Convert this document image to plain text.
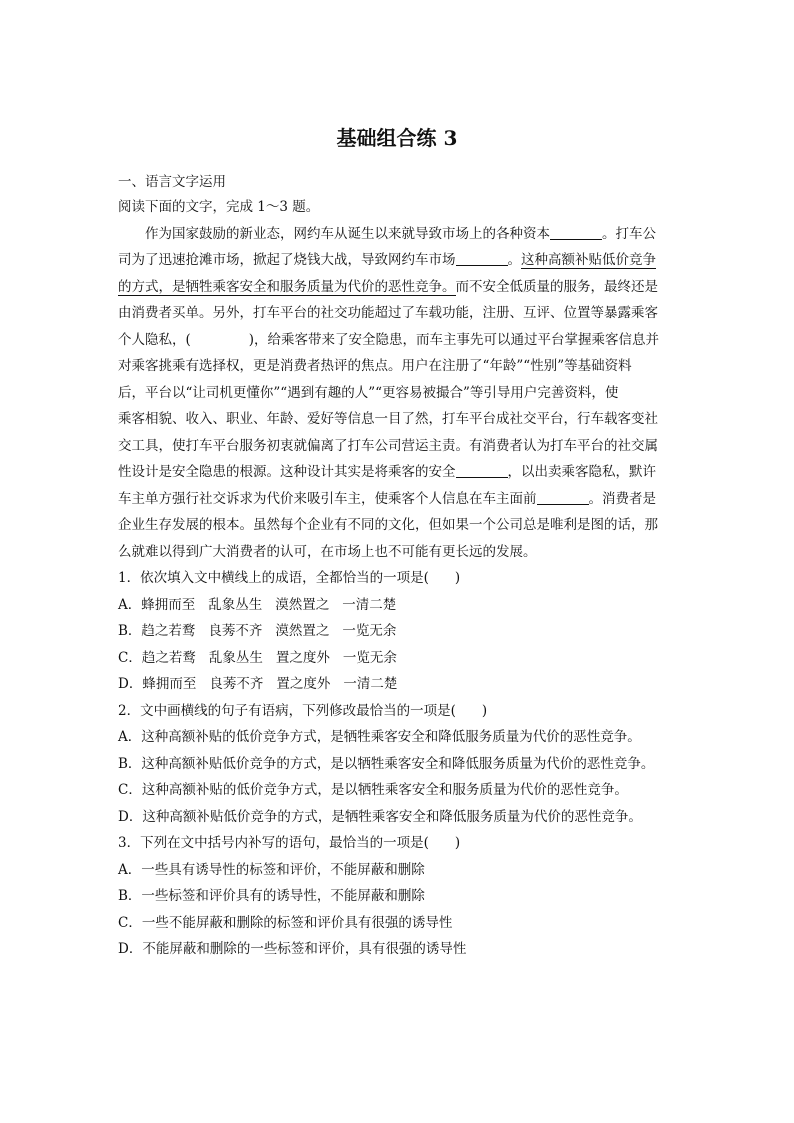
基础组合练 3
一、语言文字运用
阅读下面的文字，完成 1～3 题。
作为国家鼓励的新业态，网约车从诞生以来就导致市场上的各种资本	。打车公
司为了迅速抢滩市场，掀起了烧钱大战，导致网约车市场	。这种高额补贴低价竞争
的方式，是牺牲乘客安全和服务质量为代价的恶性竞争。而不安全低质量的服务，最终还是
由消费者买单。另外，打车平台的社交功能超过了车载功能，注册、互评、位置等暴露乘客
个人隐私，(	)，给乘客带来了安全隐患，而车主事先可以通过平台掌握乘客信息并
对乘客挑乘有选择权，更是消费者热评的焦点。用户在注册了“年龄”“性别”等基础资料
后，平台以“让司机更懂你”“遇到有趣的人”“更容易被撮合”等引导用户完善资料，使
乘客相貌、收入、职业、年龄、爱好等信息一目了然，打车平台成社交平台，行车载客变社
交工具，使打车平台服务初衷就偏离了打车公司营运主责。有消费者认为打车平台的社交属
性设计是安全隐患的根源。这种设计其实是将乘客的安全	，以出卖乘客隐私，默许
车主单方强行社交诉求为代价来吸引车主，使乘客个人信息在车主面前	。消费者是
企业生存发展的根本。虽然每个企业有不同的文化，但如果一个公司总是唯利是图的话，那
么就难以得到广大消费者的认可，在市场上也不可能有更长远的发展。
1．依次填入文中横线上的成语，全都恰当的一项是( )
A．蜂拥而至 乱象丛生 漠然置之 一清二楚
B．趋之若鹜 良莠不齐 漠然置之 一览无余
C．趋之若鹜 乱象丛生 置之度外 一览无余
D．蜂拥而至 良莠不齐 置之度外 一清二楚
2．文中画横线的句子有语病，下列修改最恰当的一项是( )
A．这种高额补贴的低价竞争方式，是牺牲乘客安全和降低服务质量为代价的恶性竞争。
B．这种高额补贴低价竞争的方式，是以牺牲乘客安全和降低服务质量为代价的恶性竞争。
C．这种高额补贴的低价竞争方式，是以牺牲乘客安全和服务质量为代价的恶性竞争。
D．这种高额补贴低价竞争的方式，是牺牲乘客安全和降低服务质量为代价的恶性竞争。
3．下列在文中括号内补写的语句，最恰当的一项是( )
A．一些具有诱导性的标签和评价，不能屏蔽和删除
B．一些标签和评价具有的诱导性，不能屏蔽和删除
C．一些不能屏蔽和删除的标签和评价具有很强的诱导性
D．不能屏蔽和删除的一些标签和评价，具有很强的诱导性
